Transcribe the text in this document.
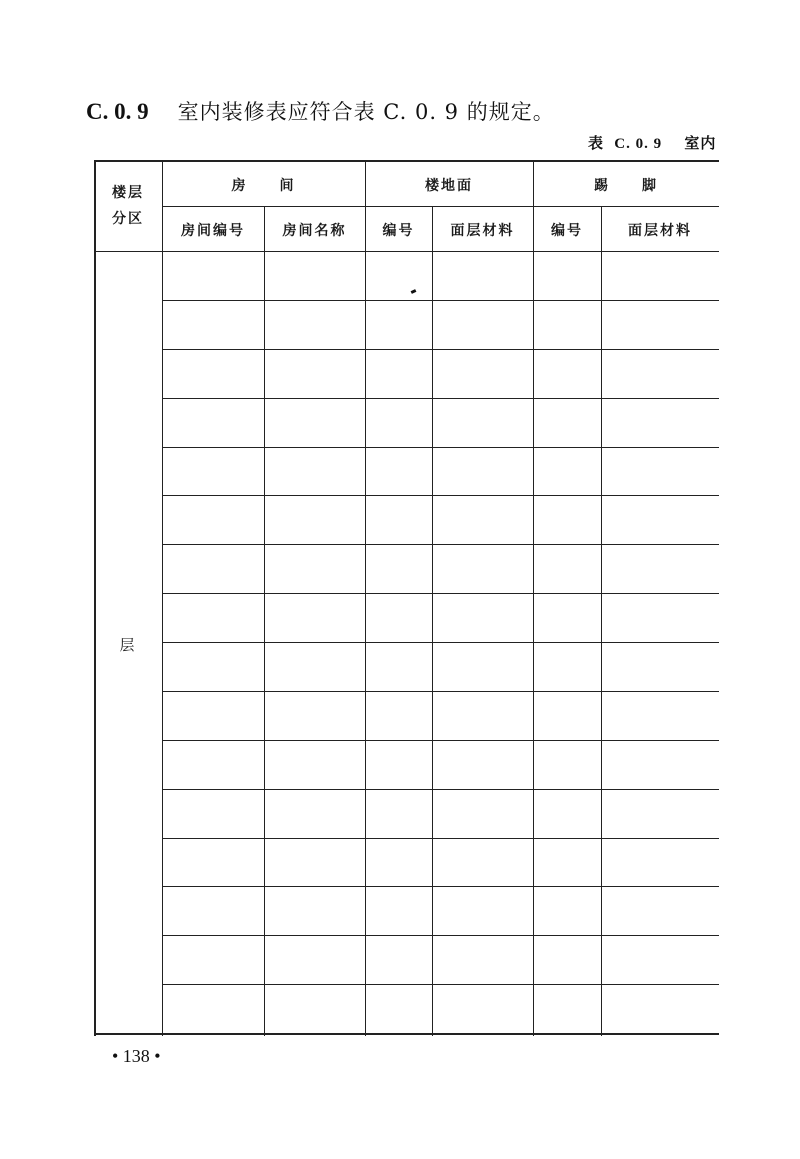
C. 0. 9 室内装修表应符合表 C. 0. 9 的规定。
表 C. 0. 9 室内
楼层
分区
房　　间	楼地面	踢　　脚
房间编号	房间名称	编号	面层材料	编号	面层材料
层
• 138 •
